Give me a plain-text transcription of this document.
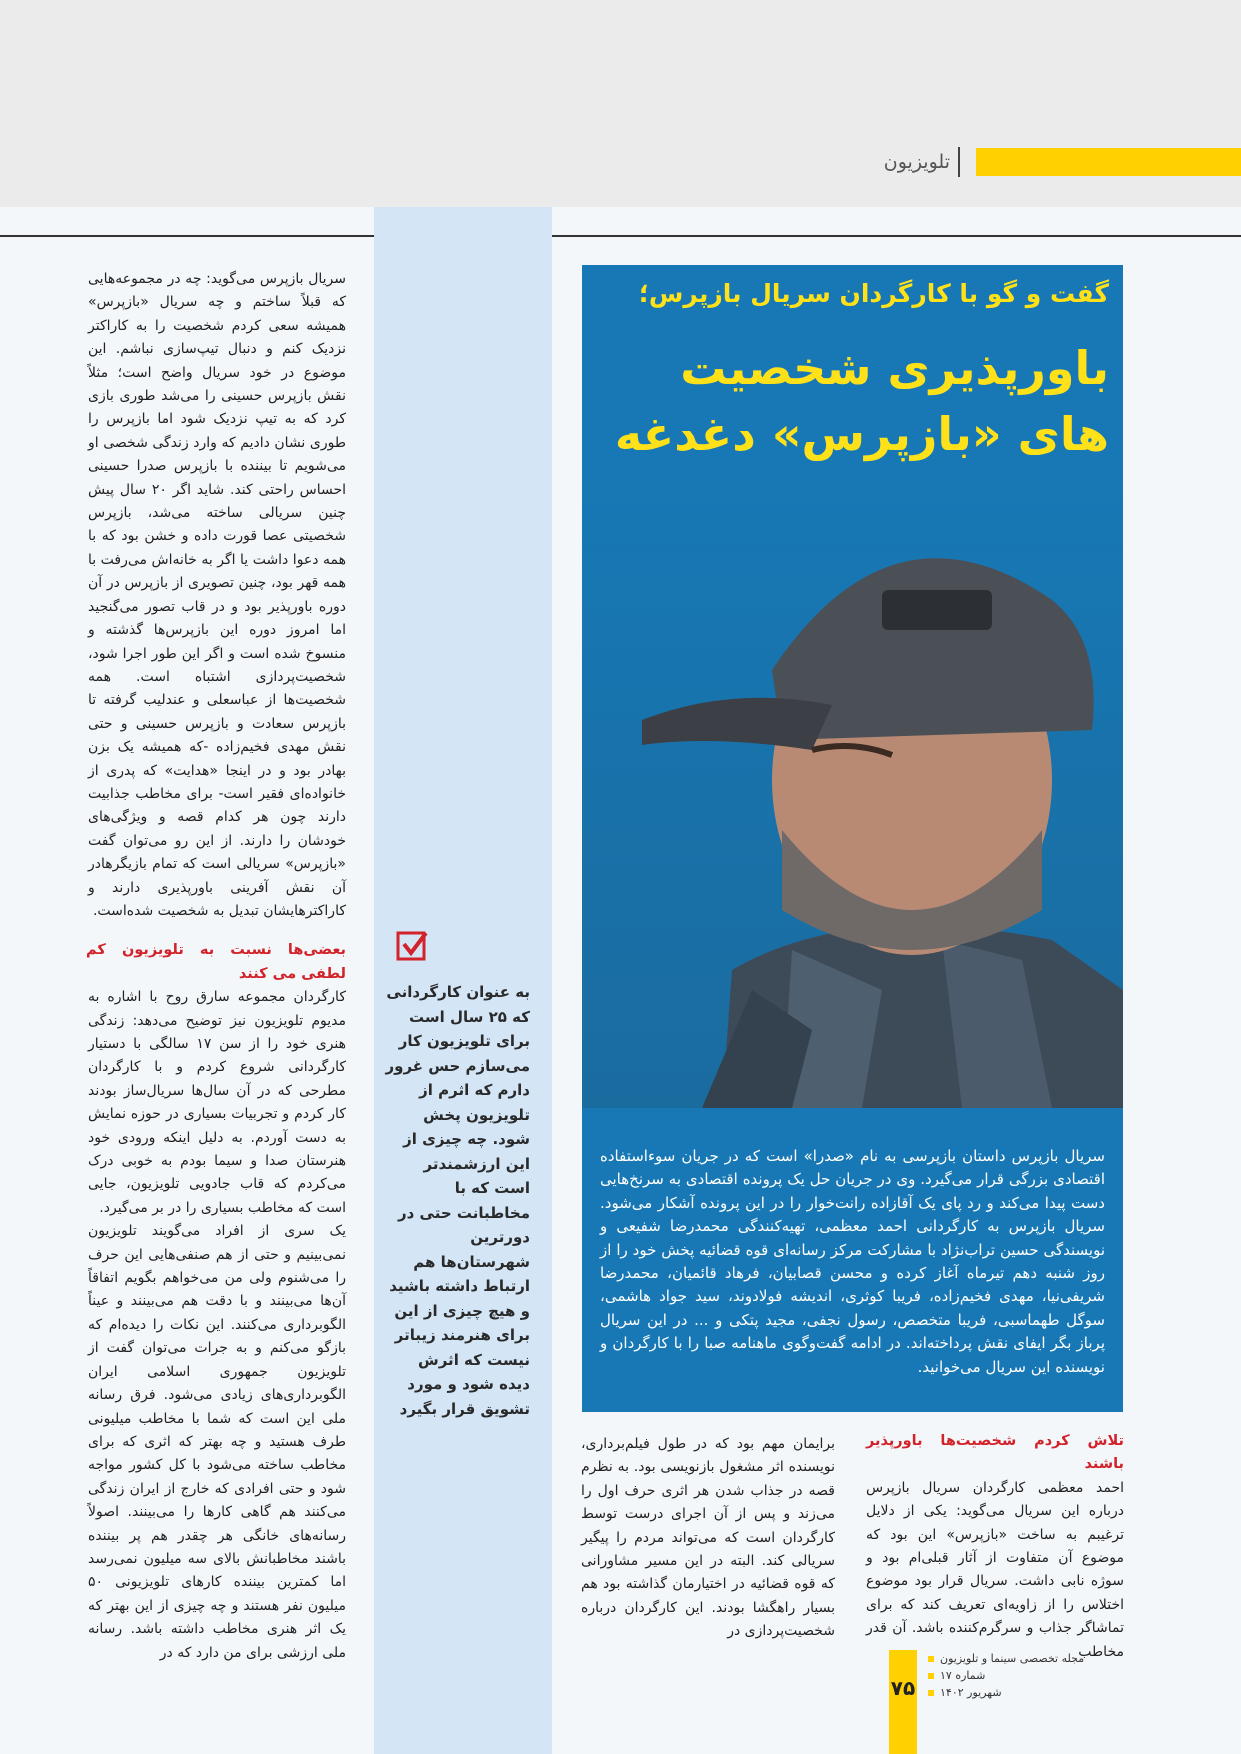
تلویزیون
سریال بازپرس می‌گوید: چه در مجموعه‌هایی که قبلاً ساختم و چه سریال «بازپرس» همیشه سعی کردم شخصیت را به کاراکتر نزدیک کنم و دنبال تیپ‌سازی نباشم. این موضوع در خود سریال واضح است؛ مثلاً نقش بازپرس حسینی را می‌شد طوری بازی کرد که به تیپ نزدیک شود اما بازپرس را طوری نشان دادیم که وارد زندگی شخصی او می‌شویم تا بیننده با بازپرس صدرا حسینی احساس راحتی کند. شاید اگر ۲۰ سال پیش چنین سریالی ساخته می‌شد، بازپرس شخصیتی عصا قورت داده و خشن بود که با همه دعوا داشت یا اگر به خانه‌اش می‌رفت با همه قهر بود، چنین تصویری از بازپرس در آن دوره باورپذیر بود و در قاب تصور می‌گنجید اما امروز دوره این بازپرس‌ها گذشته و منسوخ شده است و اگر این طور اجرا شود، شخصیت‌پردازی اشتباه است. همه شخصیت‌ها از عباسعلی و عندلیب گرفته تا بازپرس سعادت و بازپرس حسینی و حتی نقش مهدی فخیم‌زاده -که همیشه یک بزن بهادر بود و در اینجا «هدایت» که پدری از خانواده‌ای فقیر است- برای مخاطب جذابیت دارند چون هر کدام قصه و ویژگی‌های خودشان را دارند. از این رو می‌توان گفت «بازپرس» سریالی است که تمام بازیگرهادر آن نقش آفرینی باورپذیری دارند و کاراکترهایشان تبدیل به شخصیت شده‌است.
بعضی‌ها نسبت به تلویزیون کم لطفی می کنند
کارگردان مجموعه سارق روح با اشاره به مدیوم تلویزیون نیز توضیح می‌دهد: زندگی هنری خود را از سن ۱۷ سالگی با دستیار کارگردانی شروع کردم و با کارگردان مطرحی که در آن سال‌ها سریال‌ساز بودند کار کردم و تجربیات بسیاری در حوزه نمایش به دست آوردم. به دلیل اینکه ورودی خود هنرستان صدا و سیما بودم به خوبی درک می‌کردم که قاب جادویی تلویزیون، جایی است که مخاطب بسیاری را در بر می‌گیرد.
یک سری از افراد می‌گویند تلویزیون نمی‌بینیم و حتی از هم صنفی‌هایی این حرف را می‌شنوم ولی من می‌خواهم بگویم اتفاقاً آن‌ها می‌بینند و با دقت هم می‌بینند و عیناً الگوبرداری می‌کنند. این نکات را دیده‌ام که بازگو می‌کنم و به جرات می‌توان گفت از تلویزیون جمهوری اسلامی ایران الگوبرداری‌های زیادی می‌شود. فرق رسانه ملی این است که شما با مخاطب میلیونی طرف هستید و چه بهتر که اثری که برای مخاطب ساخته می‌شود با کل کشور مواجه شود و حتی افرادی که خارج از ایران زندگی می‌کنند هم گاهی کارها را می‌بینند. اصولاً رسانه‌های خانگی هر چقدر هم پر بیننده باشند مخاطبانش بالای سه میلیون نمی‌رسد اما کمترین بیننده کارهای تلویزیونی ۵۰ میلیون نفر هستند و چه چیزی از این بهتر که یک اثر هنری مخاطب داشته باشد. رسانه ملی ارزشی برای من دارد که در
به عنوان کارگردانی که ۲۵ سال است برای تلویزیون کار می‌سازم حس غرور دارم که اثرم از تلویزیون پخش شود. چه چیزی از این ارزشمندتر است که با مخاطبانت حتی در دورترین شهرستان‌ها هم ارتباط داشته باشید و هیچ چیزی از این برای هنرمند زیباتر نیست که اثرش دیده شود و مورد تشویق قرار بگیرد
گفت و گو با کارگردان سریال بازپرس؛
باورپذیری شخصیت های «بازپرس» دغدغه
سریال بازپرس داستان بازپرسی به نام «صدرا» است که در جریان سوءاستفاده اقتصادی بزرگی قرار می‌گیرد. وی در جریان حل یک پرونده اقتصادی به سرنخ‌هایی دست پیدا می‌کند و رد پای یک آقازاده رانت‌خوار را در این پرونده آشکار می‌شود. سریال بازپرس به کارگردانی احمد معظمی، تهیه‌کنندگی محمدرضا شفیعی و نویسندگی حسین تراب‌نژاد با مشارکت مرکز رسانه‌ای قوه قضائیه پخش خود را از روز شنبه دهم تیرماه آغاز کرده و محسن قصابیان، فرهاد قائمیان، محمدرضا شریفی‌نیا، مهدی فخیم‌زاده، فریبا کوثری، اندیشه فولادوند، سید جواد هاشمی، سوگل طهماسبی، فریبا متخصص، رسول نجفی، مجید پتکی و ... در این سریال پرباز بگر ایفای نقش پرداخته‌اند. در ادامه گفت‌وگوی ماهنامه صبا را با کارگردان و نویسنده این سریال می‌خوانید.
تلاش کردم شخصیت‌ها باورپذیر باشند
احمد معظمی کارگردان سریال بازپرس درباره این سریال می‌گوید: یکی از دلایل ترغیبم به ساخت «بازپرس» این بود که موضوع آن متفاوت از آثار قبلی‌ام بود و سوژه نابی داشت. سریال قرار بود موضوع اختلاس را از زاویه‌ای تعریف کند که برای تماشاگر جذاب و سرگرم‌کننده باشد. آن قدر مخاطب
برایمان مهم بود که در طول فیلم‌برداری، نویسنده اثر مشغول بازنویسی بود. به نظرم قصه در جذاب شدن هر اثری حرف اول را می‌زند و پس از آن اجرای درست توسط کارگردان است که می‌تواند مردم را پیگیر سریالی کند. البته در این مسیر مشاورانی که قوه قضائیه در اختیارمان گذاشته بود هم بسیار راهگشا بودند. این کارگردان درباره شخصیت‌پردازی در
۷۵
مجله تخصصی سینما و تلویزیون
شماره ۱۷
شهریور ۱۴۰۲
